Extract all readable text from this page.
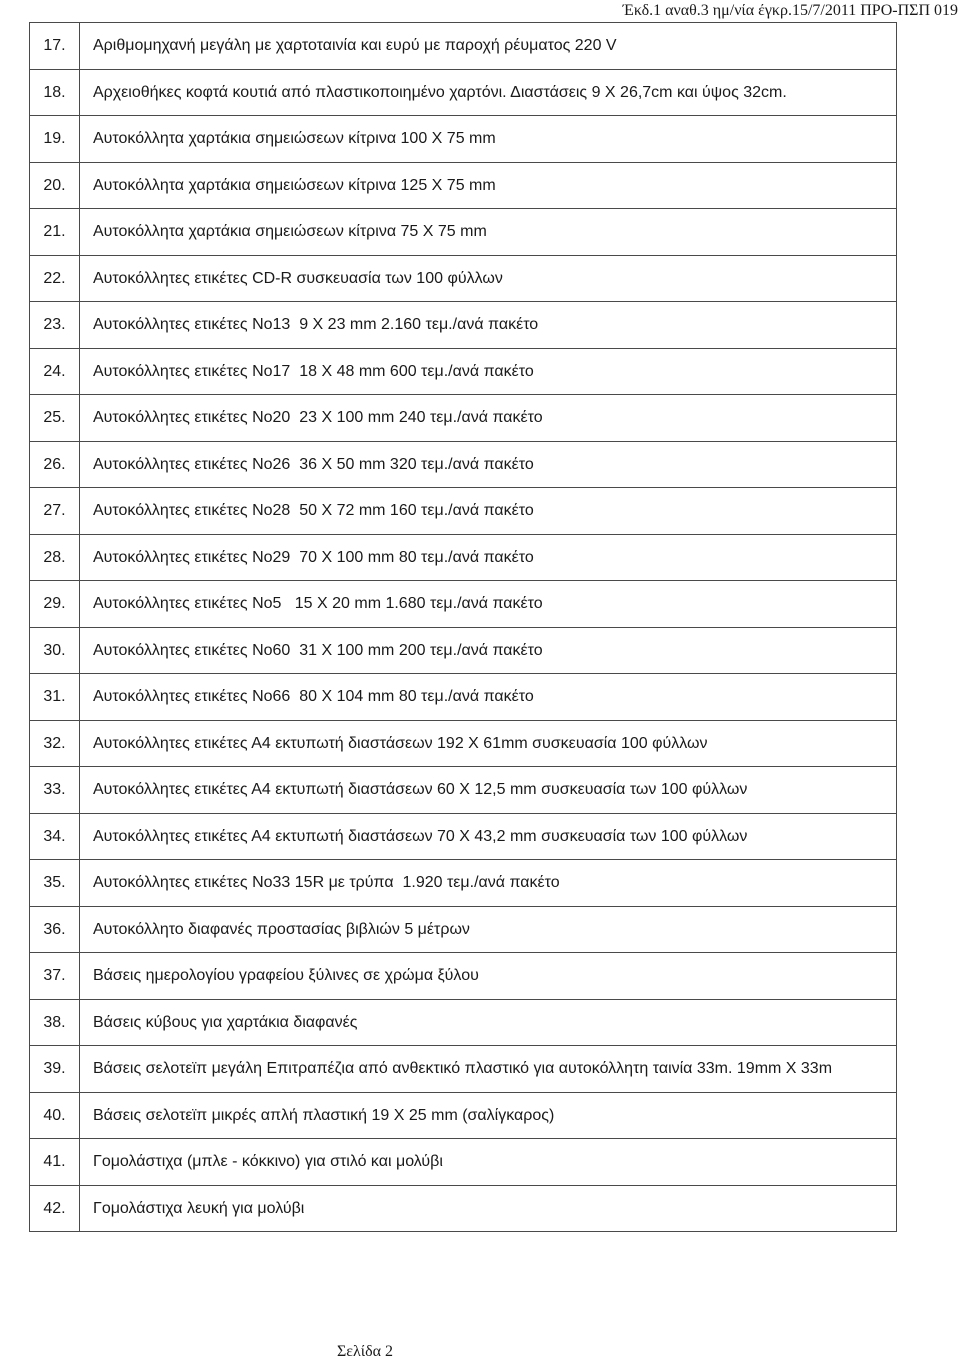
Έκδ.1 αναθ.3 ημ/νία έγκρ.15/7/2011 ΠΡΟ-ΠΣΠ 019
17.	Αριθμομηχανή μεγάλη με χαρτοταινία και ευρύ με παροχή ρέυματος 220 V
18.	Αρχειοθήκες κοφτά κουτιά από πλαστικοποιημένο χαρτόνι. Διαστάσεις 9 Χ 26,7cm και ύψος 32cm.
19.	Αυτοκόλλητα χαρτάκια σημειώσεων κίτρινα 100 Χ 75 mm
20.	Αυτοκόλλητα χαρτάκια σημειώσεων κίτρινα 125 Χ 75 mm
21.	Αυτοκόλλητα χαρτάκια σημειώσεων κίτρινα 75 Χ 75 mm
22.	Αυτοκόλλητες ετικέτες CD-R συσκευασία των 100 φύλλων
23.	Αυτοκόλλητες ετικέτες Νο13  9 Χ 23 mm 2.160 τεμ./ανά πακέτο
24.	Αυτοκόλλητες ετικέτες Νο17  18 Χ 48 mm 600 τεμ./ανά πακέτο
25.	Αυτοκόλλητες ετικέτες Νο20  23 Χ 100 mm 240 τεμ./ανά πακέτο
26.	Αυτοκόλλητες ετικέτες Νο26  36 Χ 50 mm 320 τεμ./ανά πακέτο
27.	Αυτοκόλλητες ετικέτες Νο28  50 Χ 72 mm 160 τεμ./ανά πακέτο
28.	Αυτοκόλλητες ετικέτες Νο29  70 Χ 100 mm 80 τεμ./ανά πακέτο
29.	Αυτοκόλλητες ετικέτες Νο5   15 Χ 20 mm 1.680 τεμ./ανά πακέτο
30.	Αυτοκόλλητες ετικέτες Νο60  31 Χ 100 mm 200 τεμ./ανά πακέτο
31.	Αυτοκόλλητες ετικέτες Νο66  80 Χ 104 mm 80 τεμ./ανά πακέτο
32.	Αυτοκόλλητες ετικέτες Α4 εκτυπωτή διαστάσεων 192 Χ 61mm συσκευασία 100 φύλλων
33.	Αυτοκόλλητες ετικέτες Α4 εκτυπωτή διαστάσεων 60 Χ 12,5 mm συσκευασία των 100 φύλλων
34.	Αυτοκόλλητες ετικέτες Α4 εκτυπωτή διαστάσεων 70 Χ 43,2 mm συσκευασία των 100 φύλλων
35.	Αυτοκόλλητες ετικέτες Νο33 15R με τρύπα  1.920 τεμ./ανά πακέτο
36.	Αυτοκόλλητο διαφανές προστασίας βιβλιών 5 μέτρων
37.	Βάσεις ημερολογίου γραφείου ξύλινες σε χρώμα ξύλου
38.	Βάσεις κύβους για χαρτάκια διαφανές
39.	Βάσεις σελοτεϊπ μεγάλη Επιτραπέζια από ανθεκτικό πλαστικό για αυτοκόλλητη ταινία 33m. 19mm Χ 33m
40.	Βάσεις σελοτεϊπ μικρές απλή πλαστική 19 Χ 25 mm (σαλίγκαρος)
41.	Γομολάστιχα (μπλε - κόκκινο) για στιλό και μολύβι
42.	Γομολάστιχα λευκή για μολύβι
Σελίδα 2
